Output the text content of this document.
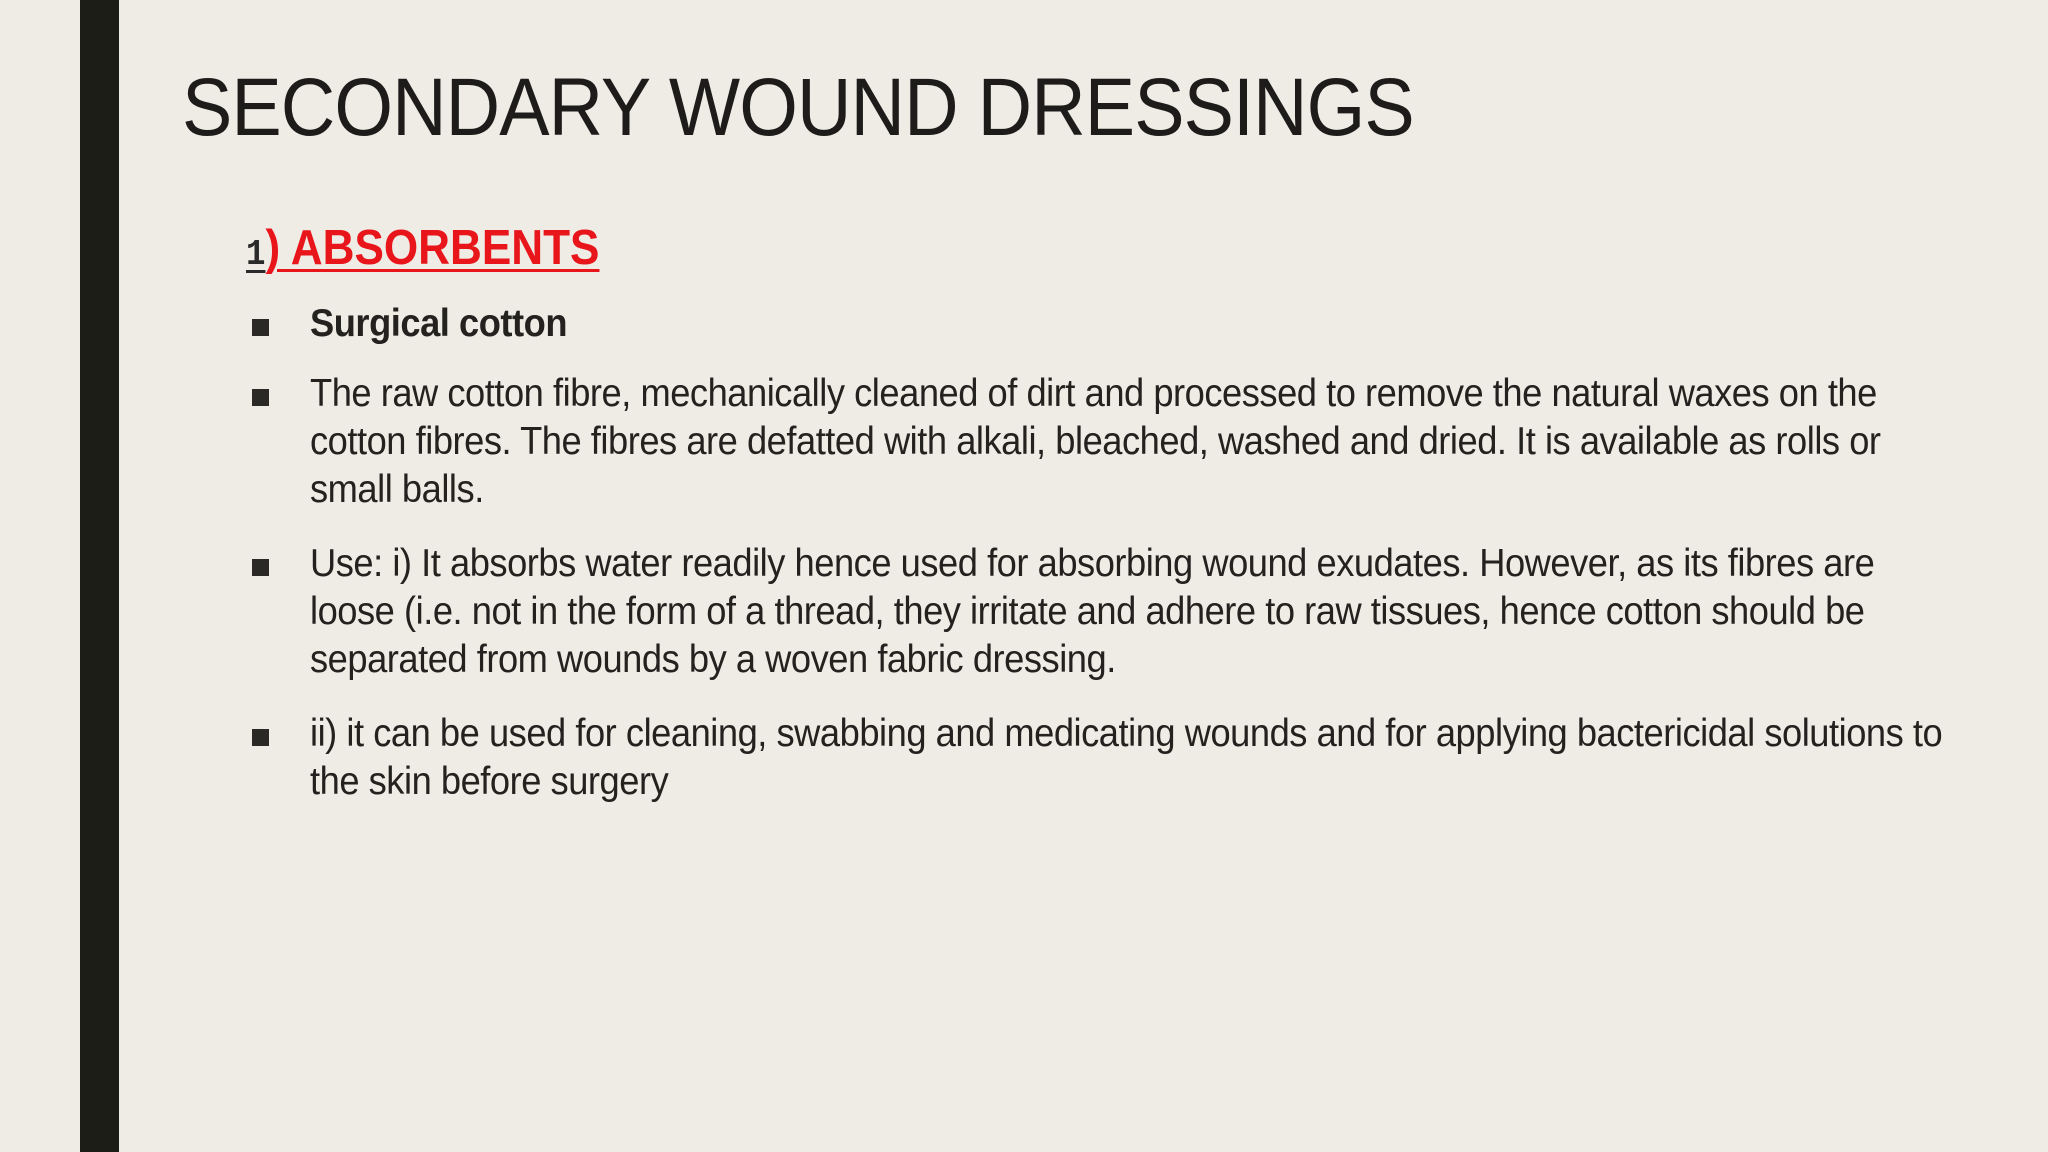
SECONDARY WOUND DRESSINGS
1) ABSORBENTS
Surgical cotton
The raw cotton fibre, mechanically cleaned of dirt and processed to remove the natural waxes on the cotton fibres. The fibres are defatted with alkali, bleached, washed and dried. It is available as rolls or small balls.
Use: i) It absorbs water readily hence used for absorbing wound exudates. However, as its fibres are loose (i.e. not in the form of a thread, they irritate and adhere to raw tissues, hence cotton should be separated from wounds by a woven fabric dressing.
ii) it can be used for cleaning, swabbing and medicating wounds and for applying bactericidal solutions to the skin before surgery
